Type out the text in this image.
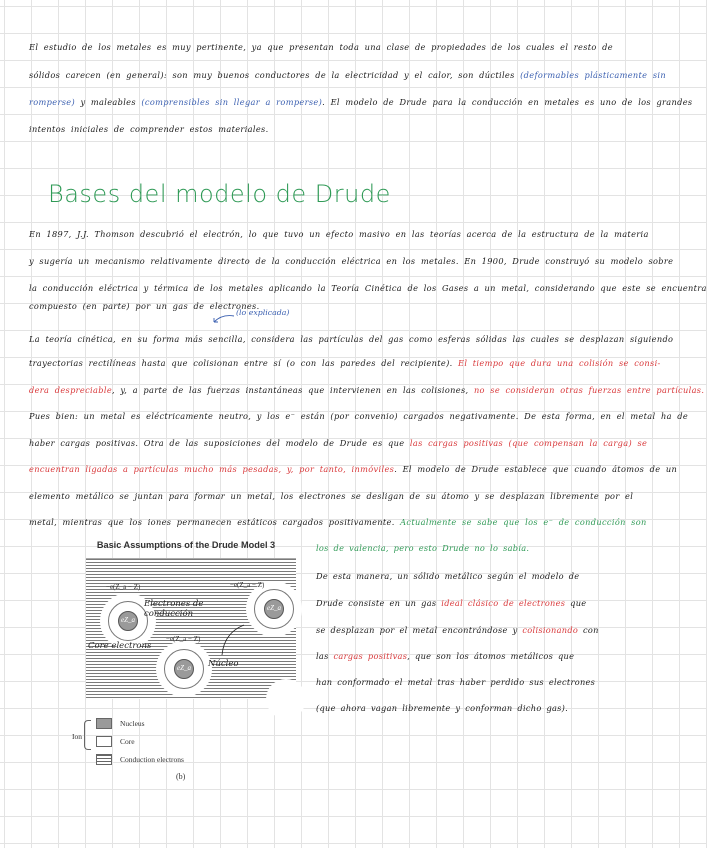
El estudio de los metales es muy pertinente, ya que presentan toda una clase de propiedades de los cuales el resto de
sólidos carecen (en general): son muy buenos conductores de la electricidad y el calor, son dúctiles (deformables plásticamente sin
romperse) y maleables (comprensibles sin llegar a romperse). El modelo de Drude para la conducción en metales es uno de los grandes
intentos iniciales de comprender estos materiales.
Bases del modelo de Drude
En 1897, J.J. Thomson descubrió el electrón, lo que tuvo un efecto masivo en las teorías acerca de la estructura de la materia
y sugería un mecanismo relativamente directo de la conducción eléctrica en los metales. En 1900, Drude construyó su modelo sobre
la conducción eléctrica y térmica de los metales aplicando la Teoría Cinética de los Gases a un metal, considerando que este se encuentra
compuesto (en parte) por un gas de electrones.
La teoría cinética, en su forma más sencilla, considera las partículas del gas como esferas sólidas las cuales se desplazan siguiendo
trayectorias rectilíneas hasta que colisionan entre sí (o con las paredes del recipiente). El tiempo que dura una colisión se consi-
dera despreciable, y, a parte de las fuerzas instantáneas que intervienen en las colisiones, no se consideran otras fuerzas entre partículas.
Pues bien: un metal es eléctricamente neutro, y los e⁻ están (por convenio) cargados negativamente. De esta forma, en el metal ha de
haber cargas positivas. Otra de las suposiciones del modelo de Drude es que las cargas positivas (que compensan la carga) se
encuentran ligadas a partículas mucho más pesadas, y, por tanto, inmóviles. El modelo de Drude establece que cuando átomos de un
elemento metálico se juntan para formar un metal, los electrones se desligan de su átomo y se desplazan libremente por el
metal, mientras que los iones permanecen estáticos cargados positivamente. Actualmente se sabe que los e⁻ de conducción son
(lo explicada)
los de valencia, pero esto Drude no lo sabía.
De esta manera, un sólido metálico según el modelo de
Drude consiste en un gas ideal clásico de electrones que
se desplazan por el metal encontrándose y colisionando con
las cargas positivas, que son los átomos metálicos que
han conformado el metal tras haber perdido sus electrones
(que ahora vagan libremente y conforman dicho gas).
Basic Assumptions of the Drude Model 3
eZ_a
−e(Z_a − Z)
eZ_a
−e(Z_a − Z)
eZ_a
−e(Z_a − Z)
Electrones de conducción
Core electrons
Núcleo
Ion
Nucleus
Core
Conduction electrons
(b)
